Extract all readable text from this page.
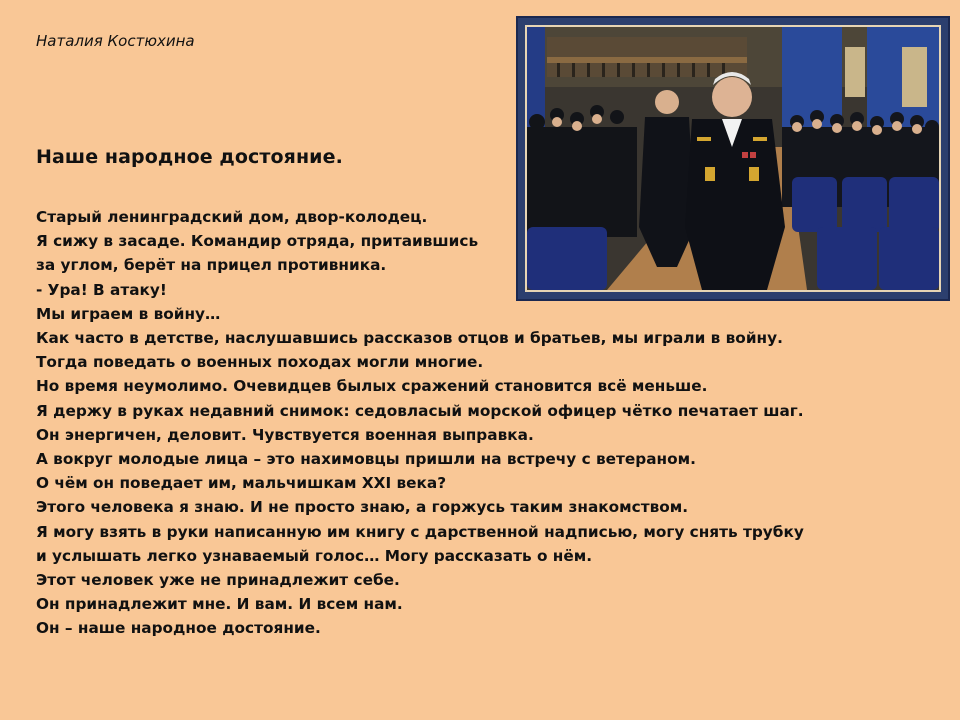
Наталия Костюхина
Наше народное достояние.
Старый ленинградский дом, двор-колодец.
Я сижу в засаде. Командир отряда, притаившись
за углом, берёт на прицел противника.
- Ура! В атаку!
Мы играем в войну…
Как часто в детстве, наслушавшись рассказов отцов и братьев, мы играли в войну.
Тогда поведать о военных походах могли многие.
Но время неумолимо. Очевидцев былых сражений становится всё меньше.
Я держу в руках недавний снимок: седовласый морской офицер чётко печатает шаг.
Он энергичен, деловит. Чувствуется военная выправка.
А вокруг молодые лица – это нахимовцы пришли на встречу с ветераном.
О чём он поведает им, мальчишкам XXI века?
Этого человека я знаю. И не просто знаю, а горжусь таким знакомством.
Я могу взять в руки написанную им книгу с дарственной надписью, могу снять трубку
и услышать легко узнаваемый голос… Могу рассказать о нём.
Этот человек уже не принадлежит себе.
Он принадлежит мне. И вам. И всем нам.
Он – наше народное достояние.
